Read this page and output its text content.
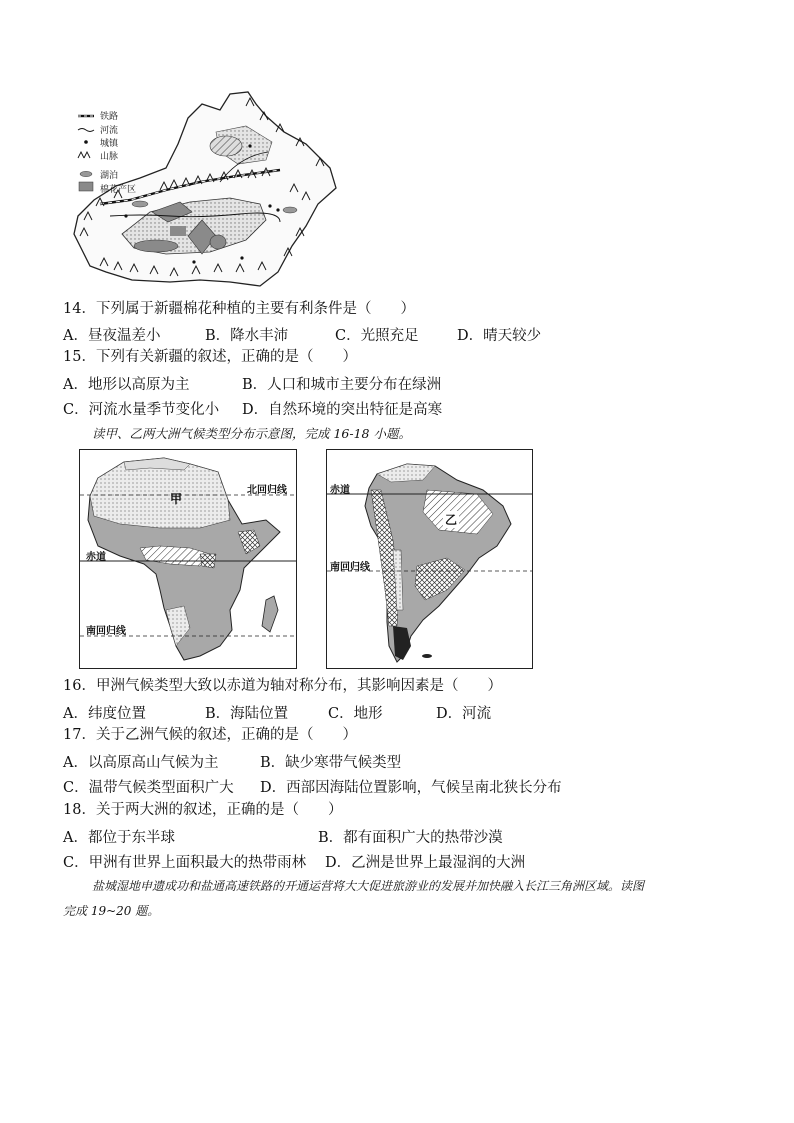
铁路
河流
城镇
山脉
湖泊
棉花产区
14．下列属于新疆棉花种植的主要有利条件是（　　）
A．昼夜温差小	B．降水丰沛	C．光照充足	D．晴天较少
15．下列有关新疆的叙述，正确的是（　　）
A．地形以高原为主	B．人口和城市主要分布在绿洲
C．河流水量季节变化小 D．自然环境的突出特征是高寒
读甲、乙两大洲气候类型分布示意图，完成 16-18 小题。
甲
北回归线
赤道
南回归线
乙
赤道
南回归线
16．甲洲气候类型大致以赤道为轴对称分布，其影响因素是（　　）
A．纬度位置	B．海陆位置	C．地形	D．河流
17．关于乙洲气候的叙述，正确的是（　　）
A．以高原高山气候为主	B．缺少寒带气候类型
C．温带气候类型面积广大 D．西部因海陆位置影响，气候呈南北狭长分布
18．关于两大洲的叙述，正确的是（　　）
A．都位于东半球	B．都有面积广大的热带沙漠
C．甲洲有世界上面积最大的热带雨林 D．乙洲是世界上最湿润的大洲
盐城湿地申遗成功和盐通高速铁路的开通运营将大大促进旅游业的发展并加快融入长江三角洲区域。读图
完成 19~20 题。
